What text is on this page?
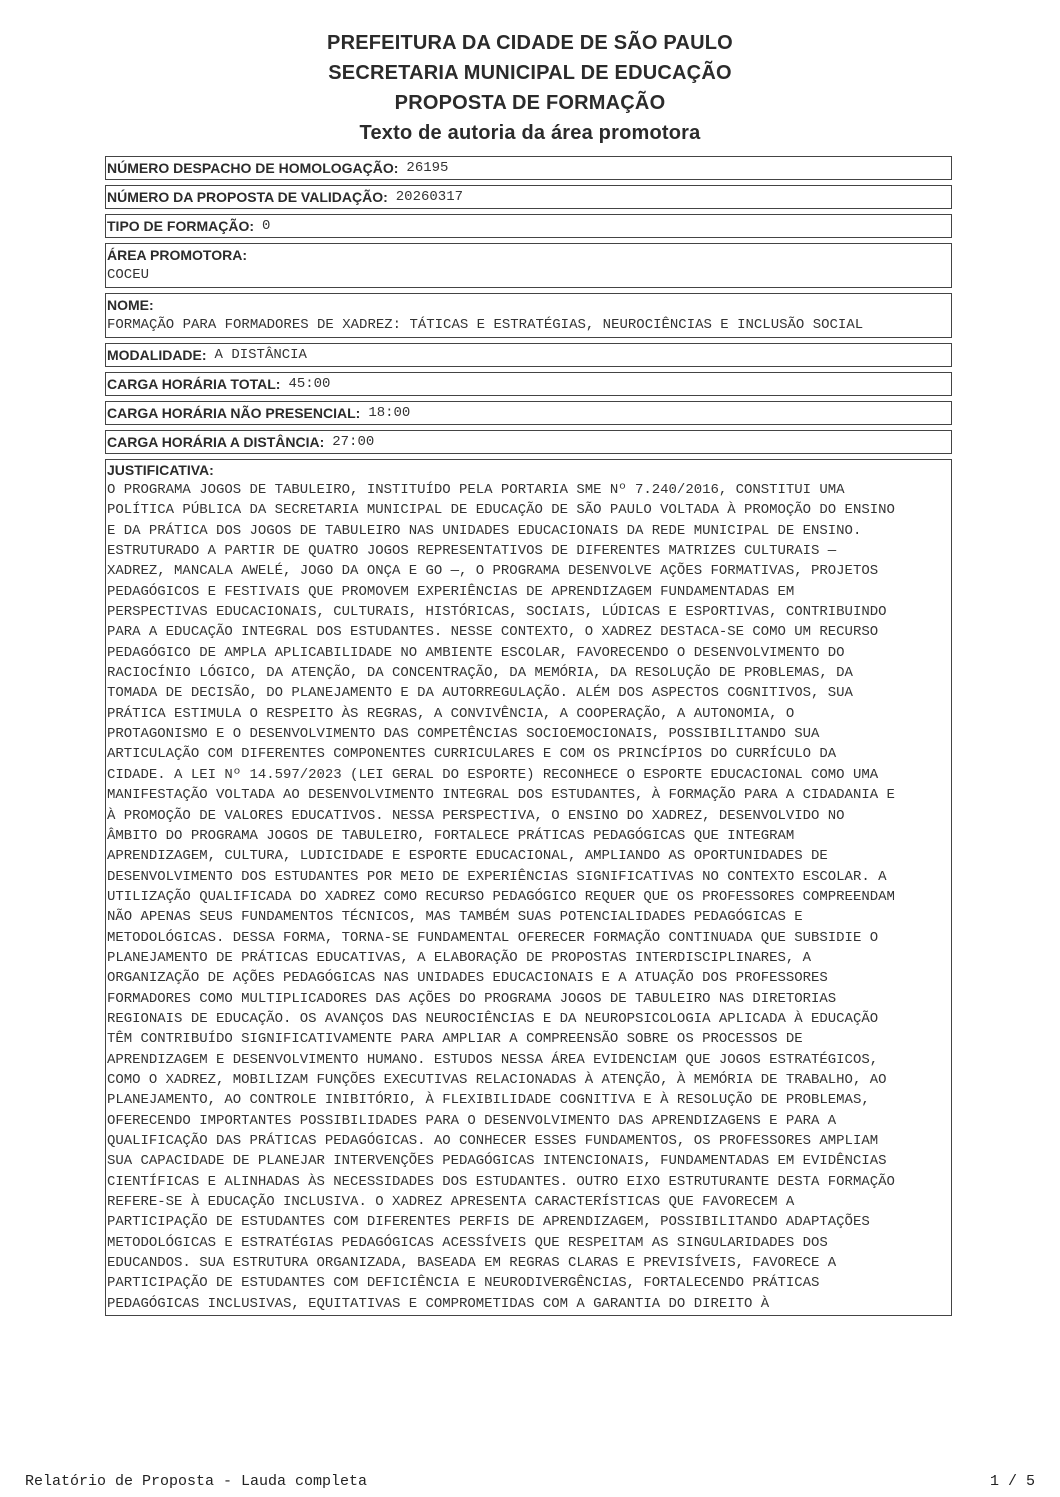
PREFEITURA DA CIDADE DE SÃO PAULO
SECRETARIA MUNICIPAL DE EDUCAÇÃO
PROPOSTA DE FORMAÇÃO
Texto de autoria da área promotora
NÚMERO DESPACHO DE HOMOLOGAÇÃO: 26195
NÚMERO DA PROPOSTA DE VALIDAÇÃO: 20260317
TIPO DE FORMAÇÃO: 0
ÁREA PROMOTORA:
COCEU
NOME:
FORMAÇÃO PARA FORMADORES DE XADREZ: TÁTICAS E ESTRATÉGIAS, NEUROCIÊNCIAS E INCLUSÃO SOCIAL
MODALIDADE: A DISTÂNCIA
CARGA HORÁRIA TOTAL: 45:00
CARGA HORÁRIA NÃO PRESENCIAL: 18:00
CARGA HORÁRIA A DISTÂNCIA: 27:00
JUSTIFICATIVA:
O PROGRAMA JOGOS DE TABULEIRO, INSTITUÍDO PELA PORTARIA SME Nº 7.240/2016, CONSTITUI UMA
POLÍTICA PÚBLICA DA SECRETARIA MUNICIPAL DE EDUCAÇÃO DE SÃO PAULO VOLTADA À PROMOÇÃO DO ENSINO
E DA PRÁTICA DOS JOGOS DE TABULEIRO NAS UNIDADES EDUCACIONAIS DA REDE MUNICIPAL DE ENSINO.
ESTRUTURADO A PARTIR DE QUATRO JOGOS REPRESENTATIVOS DE DIFERENTES MATRIZES CULTURAIS —
XADREZ, MANCALA AWELÉ, JOGO DA ONÇA E GO —, O PROGRAMA DESENVOLVE AÇÕES FORMATIVAS, PROJETOS
PEDAGÓGICOS E FESTIVAIS QUE PROMOVEM EXPERIÊNCIAS DE APRENDIZAGEM FUNDAMENTADAS EM
PERSPECTIVAS EDUCACIONAIS, CULTURAIS, HISTÓRICAS, SOCIAIS, LÚDICAS E ESPORTIVAS, CONTRIBUINDO
PARA A EDUCAÇÃO INTEGRAL DOS ESTUDANTES. NESSE CONTEXTO, O XADREZ DESTACA-SE COMO UM RECURSO
PEDAGÓGICO DE AMPLA APLICABILIDADE NO AMBIENTE ESCOLAR, FAVORECENDO O DESENVOLVIMENTO DO
RACIOCÍNIO LÓGICO, DA ATENÇÃO, DA CONCENTRAÇÃO, DA MEMÓRIA, DA RESOLUÇÃO DE PROBLEMAS, DA
TOMADA DE DECISÃO, DO PLANEJAMENTO E DA AUTORREGULAÇÃO. ALÉM DOS ASPECTOS COGNITIVOS, SUA
PRÁTICA ESTIMULA O RESPEITO ÀS REGRAS, A CONVIVÊNCIA, A COOPERAÇÃO, A AUTONOMIA, O
PROTAGONISMO E O DESENVOLVIMENTO DAS COMPETÊNCIAS SOCIOEMOCIONAIS, POSSIBILITANDO SUA
ARTICULAÇÃO COM DIFERENTES COMPONENTES CURRICULARES E COM OS PRINCÍPIOS DO CURRÍCULO DA
CIDADE. A LEI Nº 14.597/2023 (LEI GERAL DO ESPORTE) RECONHECE O ESPORTE EDUCACIONAL COMO UMA
MANIFESTAÇÃO VOLTADA AO DESENVOLVIMENTO INTEGRAL DOS ESTUDANTES, À FORMAÇÃO PARA A CIDADANIA E
À PROMOÇÃO DE VALORES EDUCATIVOS. NESSA PERSPECTIVA, O ENSINO DO XADREZ, DESENVOLVIDO NO
ÂMBITO DO PROGRAMA JOGOS DE TABULEIRO, FORTALECE PRÁTICAS PEDAGÓGICAS QUE INTEGRAM
APRENDIZAGEM, CULTURA, LUDICIDADE E ESPORTE EDUCACIONAL, AMPLIANDO AS OPORTUNIDADES DE
DESENVOLVIMENTO DOS ESTUDANTES POR MEIO DE EXPERIÊNCIAS SIGNIFICATIVAS NO CONTEXTO ESCOLAR. A
UTILIZAÇÃO QUALIFICADA DO XADREZ COMO RECURSO PEDAGÓGICO REQUER QUE OS PROFESSORES COMPREENDAM
NÃO APENAS SEUS FUNDAMENTOS TÉCNICOS, MAS TAMBÉM SUAS POTENCIALIDADES PEDAGÓGICAS E
METODOLÓGICAS. DESSA FORMA, TORNA-SE FUNDAMENTAL OFERECER FORMAÇÃO CONTINUADA QUE SUBSIDIE O
PLANEJAMENTO DE PRÁTICAS EDUCATIVAS, A ELABORAÇÃO DE PROPOSTAS INTERDISCIPLINARES, A
ORGANIZAÇÃO DE AÇÕES PEDAGÓGICAS NAS UNIDADES EDUCACIONAIS E A ATUAÇÃO DOS PROFESSORES
FORMADORES COMO MULTIPLICADORES DAS AÇÕES DO PROGRAMA JOGOS DE TABULEIRO NAS DIRETORIAS
REGIONAIS DE EDUCAÇÃO. OS AVANÇOS DAS NEUROCIÊNCIAS E DA NEUROPSICOLOGIA APLICADA À EDUCAÇÃO
TÊM CONTRIBUÍDO SIGNIFICATIVAMENTE PARA AMPLIAR A COMPREENSÃO SOBRE OS PROCESSOS DE
APRENDIZAGEM E DESENVOLVIMENTO HUMANO. ESTUDOS NESSA ÁREA EVIDENCIAM QUE JOGOS ESTRATÉGICOS,
COMO O XADREZ, MOBILIZAM FUNÇÕES EXECUTIVAS RELACIONADAS À ATENÇÃO, À MEMÓRIA DE TRABALHO, AO
PLANEJAMENTO, AO CONTROLE INIBITÓRIO, À FLEXIBILIDADE COGNITIVA E À RESOLUÇÃO DE PROBLEMAS,
OFERECENDO IMPORTANTES POSSIBILIDADES PARA O DESENVOLVIMENTO DAS APRENDIZAGENS E PARA A
QUALIFICAÇÃO DAS PRÁTICAS PEDAGÓGICAS. AO CONHECER ESSES FUNDAMENTOS, OS PROFESSORES AMPLIAM
SUA CAPACIDADE DE PLANEJAR INTERVENÇÕES PEDAGÓGICAS INTENCIONAIS, FUNDAMENTADAS EM EVIDÊNCIAS
CIENTÍFICAS E ALINHADAS ÀS NECESSIDADES DOS ESTUDANTES. OUTRO EIXO ESTRUTURANTE DESTA FORMAÇÃO
REFERE-SE À EDUCAÇÃO INCLUSIVA. O XADREZ APRESENTA CARACTERÍSTICAS QUE FAVORECEM A
PARTICIPAÇÃO DE ESTUDANTES COM DIFERENTES PERFIS DE APRENDIZAGEM, POSSIBILITANDO ADAPTAÇÕES
METODOLÓGICAS E ESTRATÉGIAS PEDAGÓGICAS ACESSÍVEIS QUE RESPEITAM AS SINGULARIDADES DOS
EDUCANDOS. SUA ESTRUTURA ORGANIZADA, BASEADA EM REGRAS CLARAS E PREVISÍVEIS, FAVORECE A
PARTICIPAÇÃO DE ESTUDANTES COM DEFICIÊNCIA E NEURODIVERGÊNCIAS, FORTALECENDO PRÁTICAS
PEDAGÓGICAS INCLUSIVAS, EQUITATIVAS E COMPROMETIDAS COM A GARANTIA DO DIREITO À
Relatório de Proposta - Lauda completa	1 / 5
